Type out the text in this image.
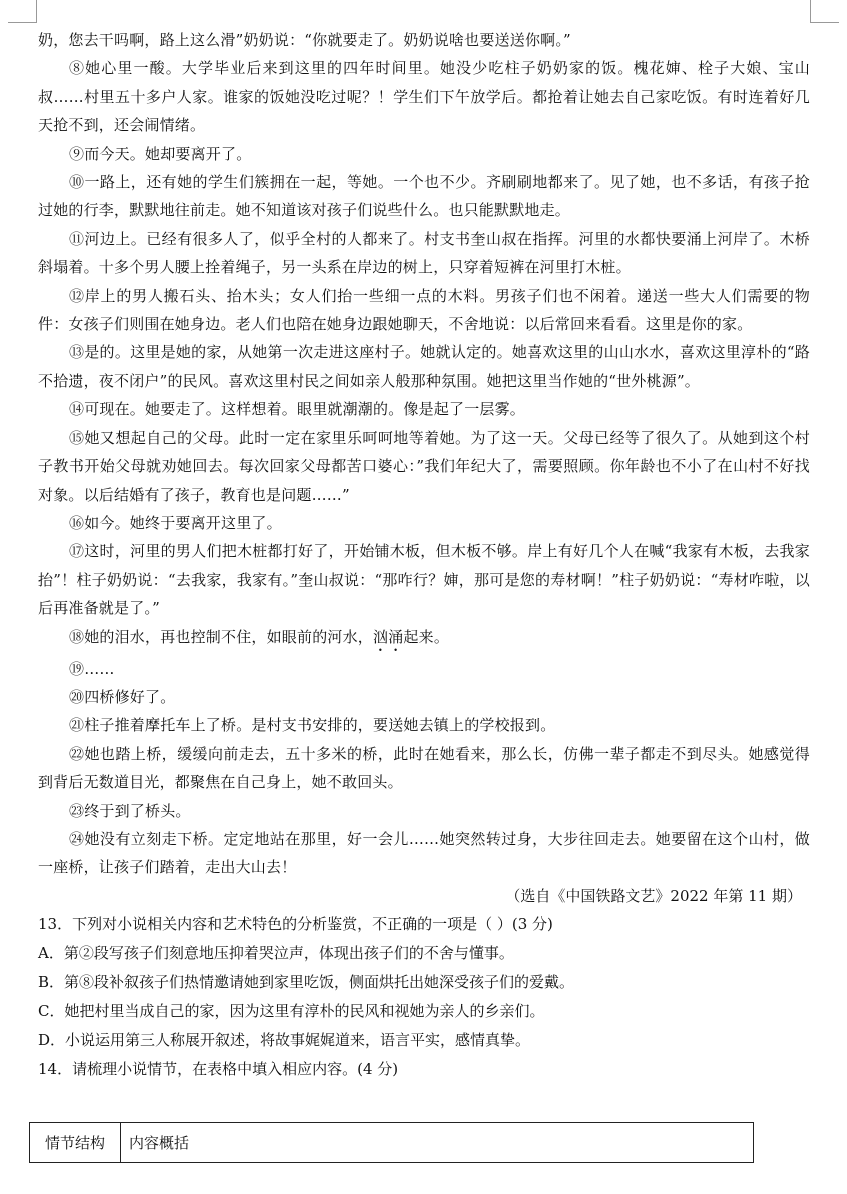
奶，您去干吗啊，路上这么滑”奶奶说：“你就要走了。奶奶说啥也要送送你啊。”

⑧她心里一酸。大学毕业后来到这里的四年时间里。她没少吃柱子奶奶家的饭。槐花婶、栓子大娘、宝山叔……村里五十多户人家。谁家的饭她没吃过呢？！学生们下午放学后。都抢着让她去自己家吃饭。有时连着好几天抢不到，还会闹情绪。

⑨而今天。她却要离开了。

⑩一路上，还有她的学生们簇拥在一起，等她。一个也不少。齐刷刷地都来了。见了她，也不多话，有孩子抢过她的行李，默默地往前走。她不知道该对孩子们说些什么。也只能默默地走。

⑪河边上。已经有很多人了，似乎全村的人都来了。村支书奎山叔在指挥。河里的水都快要涌上河岸了。木桥斜塌着。十多个男人腰上拴着绳子，另一头系在岸边的树上，只穿着短裤在河里打木桩。

⑫岸上的男人搬石头、抬木头；女人们抬一些细一点的木料。男孩子们也不闲着。递送一些大人们需要的物件：女孩子们则围在她身边。老人们也陪在她身边跟她聊天，不舍地说：以后常回来看看。这里是你的家。

⑬是的。这里是她的家，从她第一次走进这座村子。她就认定的。她喜欢这里的山山水水，喜欢这里淳朴的“路不拾遗，夜不闭户”的民风。喜欢这里村民之间如亲人般那种氛围。她把这里当作她的“世外桃源”。

⑭可现在。她要走了。这样想着。眼里就潮潮的。像是起了一层雾。

⑮她又想起自己的父母。此时一定在家里乐呵呵地等着她。为了这一天。父母已经等了很久了。从她到这个村子教书开始父母就劝她回去。每次回家父母都苦口婆心：”我们年纪大了，需要照顾。你年龄也不小了在山村不好找对象。以后结婚有了孩子，教育也是问题……”

⑯如今。她终于要离开这里了。

⑰这时，河里的男人们把木桩都打好了，开始铺木板，但木板不够。岸上有好几个人在喊“我家有木板，去我家抬”！柱子奶奶说：“去我家，我家有。”奎山叔说：“那咋行？婶，那可是您的寿材啊！”柱子奶奶说：“寿材咋啦，以后再准备就是了。”

⑱她的泪水，再也控制不住，如眼前的河水，汹涌起来。

⑲……

⑳四桥修好了。

㉑柱子推着摩托车上了桥。是村支书安排的，要送她去镇上的学校报到。

㉒她也踏上桥，缓缓向前走去，五十多米的桥，此时在她看来，那么长，仿佛一辈子都走不到尽头。她感觉得到背后无数道目光，都聚焦在自己身上，她不敢回头。

㉓终于到了桥头。

㉔她没有立刻走下桥。定定地站在那里，好一会儿……她突然转过身，大步往回走去。她要留在这个山村，做一座桥，让孩子们踏着，走出大山去！

（选自《中国铁路文艺》2022 年第 11 期）

13．下列对小说相关内容和艺术特色的分析鉴赏，不正确的一项是（ ）(3 分)

A．第②段写孩子们刻意地压抑着哭泣声，体现出孩子们的不舍与懂事。

B．第⑧段补叙孩子们热情邀请她到家里吃饭，侧面烘托出她深受孩子们的爱戴。

C．她把村里当成自己的家，因为这里有淳朴的民风和视她为亲人的乡亲们。

D．小说运用第三人称展开叙述，将故事娓娓道来，语言平实，感情真挚。

14．请梳理小说情节，在表格中填入相应内容。(4 分)

情节结构	内容概括
